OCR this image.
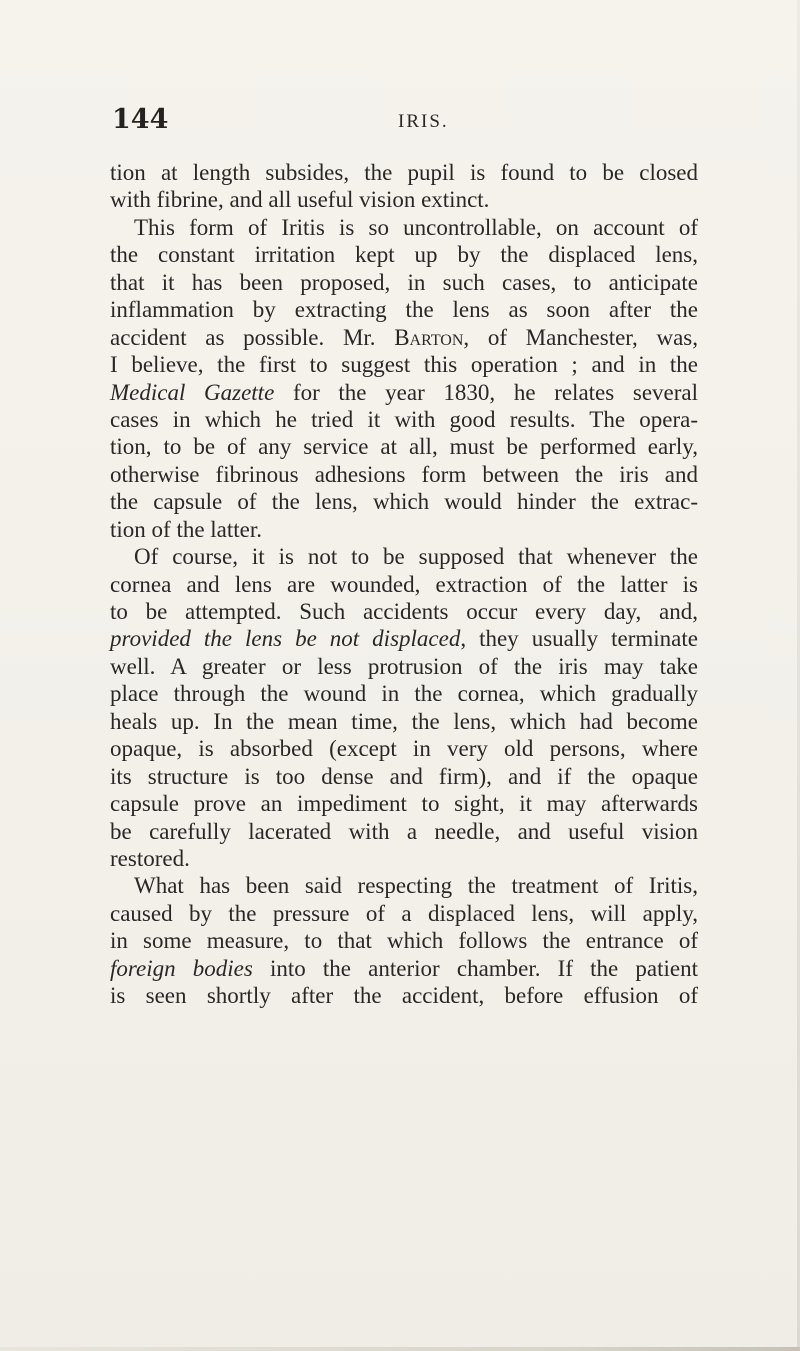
144	IRIS.
tion at length subsides, the pupil is found to be closed
with fibrine, and all useful vision extinct.
This form of Iritis is so uncontrollable, on account of
the constant irritation kept up by the displaced lens,
that it has been proposed, in such cases, to anticipate
inflammation by extracting the lens as soon after the
accident as possible. Mr. Barton, of Manchester, was,
I believe, the first to suggest this operation ; and in the
Medical Gazette for the year 1830, he relates several
cases in which he tried it with good results. The opera-
tion, to be of any service at all, must be performed early,
otherwise fibrinous adhesions form between the iris and
the capsule of the lens, which would hinder the extrac-
tion of the latter.
Of course, it is not to be supposed that whenever the
cornea and lens are wounded, extraction of the latter is
to be attempted. Such accidents occur every day, and,
provided the lens be not displaced, they usually terminate
well. A greater or less protrusion of the iris may take
place through the wound in the cornea, which gradually
heals up. In the mean time, the lens, which had become
opaque, is absorbed (except in very old persons, where
its structure is too dense and firm), and if the opaque
capsule prove an impediment to sight, it may afterwards
be carefully lacerated with a needle, and useful vision
restored.
What has been said respecting the treatment of Iritis,
caused by the pressure of a displaced lens, will apply,
in some measure, to that which follows the entrance of
foreign bodies into the anterior chamber. If the patient
is seen shortly after the accident, before effusion of
